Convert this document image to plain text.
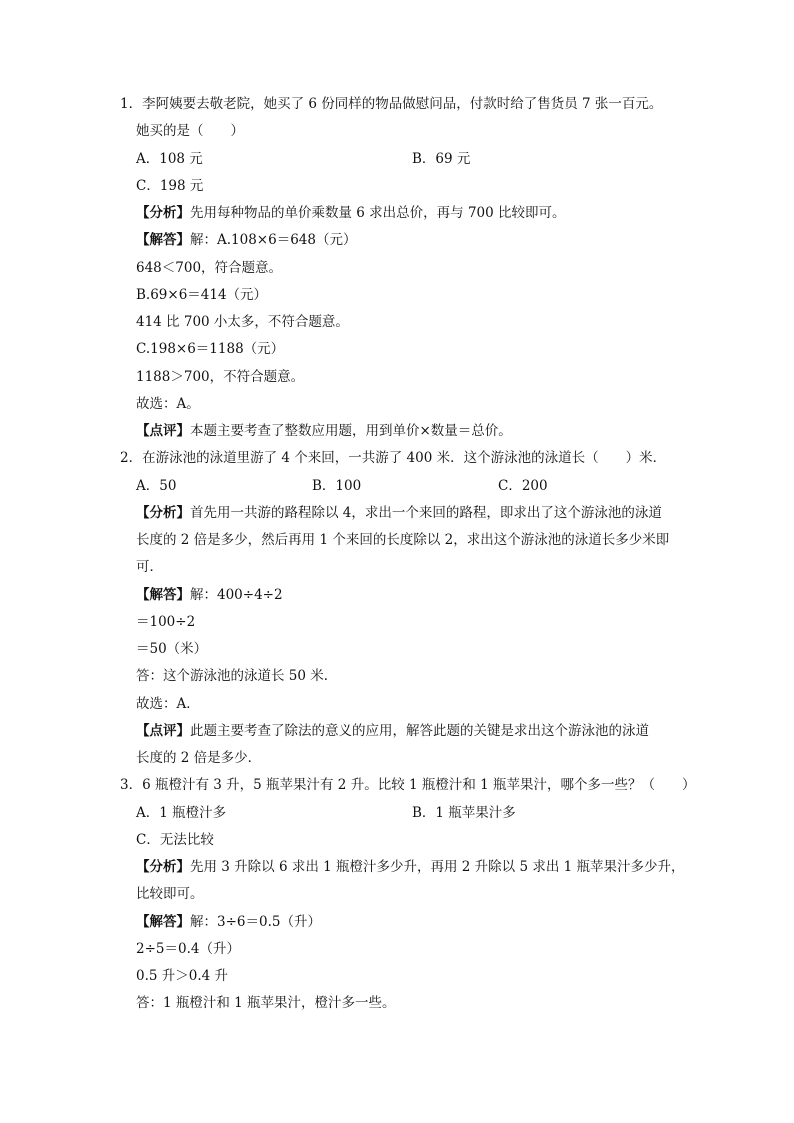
1．李阿姨要去敬老院，她买了 6 份同样的物品做慰问品，付款时给了售货员 7 张一百元。
她买的是（　　）
A．108 元	B．69 元
C．198 元
【分析】先用每种物品的单价乘数量 6 求出总价，再与 700 比较即可。
【解答】解：A.108×6＝648（元）
648＜700，符合题意。
B.69×6＝414（元）
414 比 700 小太多，不符合题意。
C.198×6＝1188（元）
1188＞700，不符合题意。
故选：A。
【点评】本题主要考查了整数应用题，用到单价×数量＝总价。
2．在游泳池的泳道里游了 4 个来回，一共游了 400 米．这个游泳池的泳道长（　　）米．
A．50	B．100	C．200
【分析】首先用一共游的路程除以 4，求出一个来回的路程，即求出了这个游泳池的泳道
长度的 2 倍是多少，然后再用 1 个来回的长度除以 2，求出这个游泳池的泳道长多少米即
可．
【解答】解：400÷4÷2
＝100÷2
＝50（米）
答：这个游泳池的泳道长 50 米．
故选：A．
【点评】此题主要考查了除法的意义的应用，解答此题的关键是求出这个游泳池的泳道
长度的 2 倍是多少．
3．6 瓶橙汁有 3 升，5 瓶苹果汁有 2 升。比较 1 瓶橙汁和 1 瓶苹果汁，哪个多一些？（　　）
A．1 瓶橙汁多	B．1 瓶苹果汁多
C．无法比较
【分析】先用 3 升除以 6 求出 1 瓶橙汁多少升，再用 2 升除以 5 求出 1 瓶苹果汁多少升，
比较即可。
【解答】解：3÷6＝0.5（升）
2÷5＝0.4（升）
0.5 升＞0.4 升
答：1 瓶橙汁和 1 瓶苹果汁，橙汁多一些。
